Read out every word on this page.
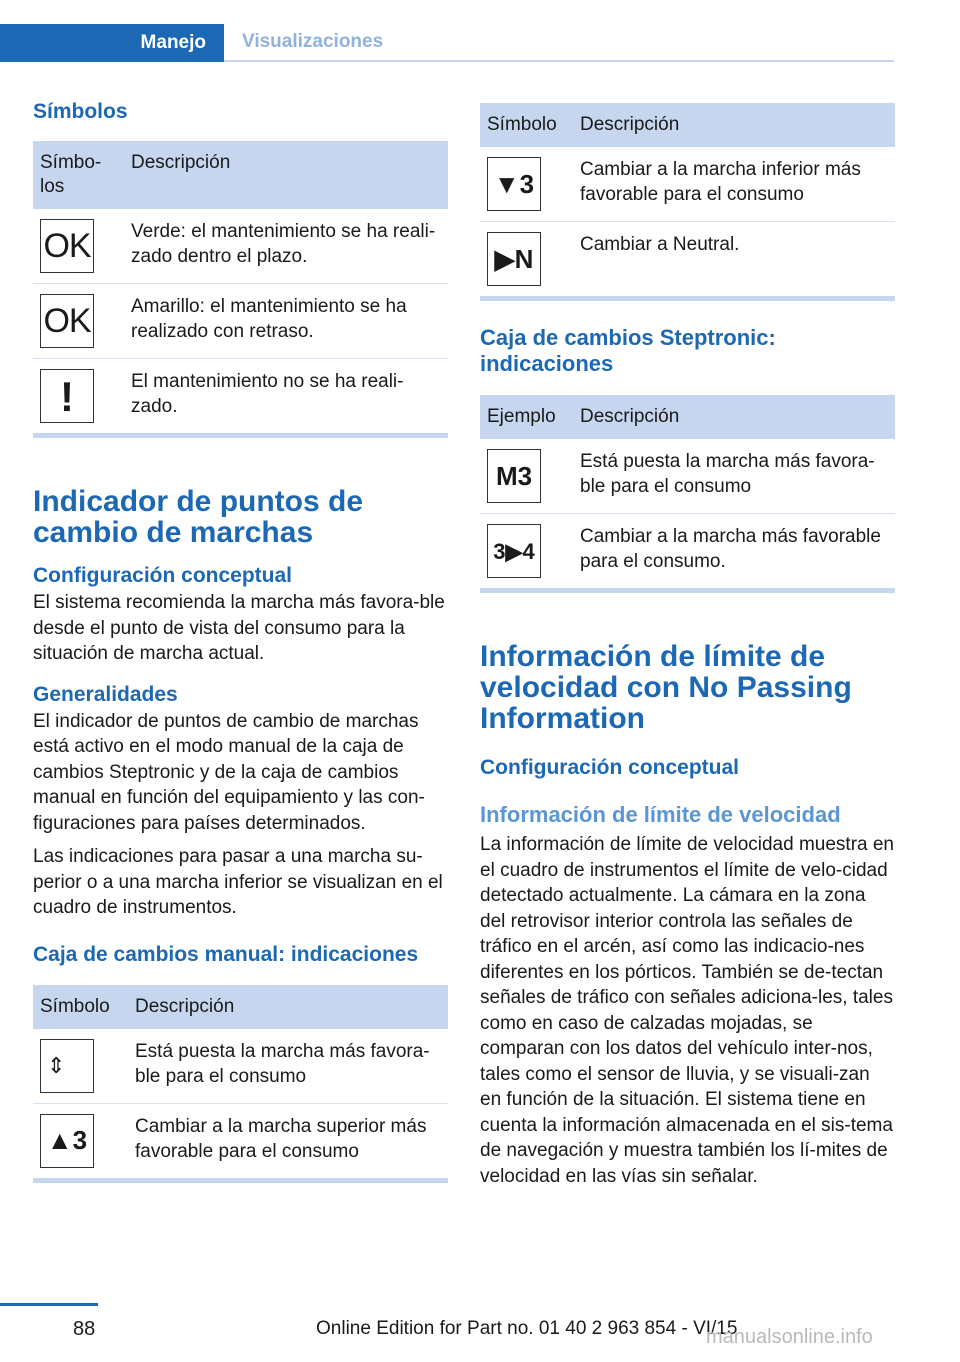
Manejo	Visualizaciones
Símbolos
Símbo-
los	Descripción

OK	Verde: el mantenimiento se ha reali-zado dentro el plazo.

OK	Amarillo: el mantenimiento se ha realizado con retraso.

!	El mantenimiento no se ha reali-zado.
Indicador de puntos de cambio de marchas
Configuración conceptual

El sistema recomienda la marcha más favora-ble desde el punto de vista del consumo para la situación de marcha actual.

Generalidades

El indicador de puntos de cambio de marchas está activo en el modo manual de la caja de cambios Steptronic y de la caja de cambios manual en función del equipamiento y las con-figuraciones para países determinados.

Las indicaciones para pasar a una marcha su-perior o a una marcha inferior se visualizan en el cuadro de instrumentos.

Caja de cambios manual: indicaciones
Símbolo	Descripción

⇕	Está puesta la marcha más favora-ble para el consumo

▲3	Cambiar a la marcha superior más favorable para el consumo
Símbolo	Descripción

▼3	Cambiar a la marcha inferior más favorable para el consumo

▶N	Cambiar a Neutral.
Caja de cambios Steptronic: indicaciones
Ejemplo	Descripción

M3	Está puesta la marcha más favora-ble para el consumo

3▶4	Cambiar a la marcha más favorable para el consumo.
Información de límite de velocidad con No Passing Information
Configuración conceptual
Información de límite de velocidad

La información de límite de velocidad muestra en el cuadro de instrumentos el límite de velo-cidad detectado actualmente. La cámara en la zona del retrovisor interior controla las señales de tráfico en el arcén, así como las indicacio-nes diferentes en los pórticos. También se de-tectan señales de tráfico con señales adiciona-les, tales como en caso de calzadas mojadas, se comparan con los datos del vehículo inter-nos, tales como el sensor de lluvia, y se visuali-zan en función de la situación. El sistema tiene en cuenta la información almacenada en el sis-tema de navegación y muestra también los lí-mites de velocidad en las vías sin señalar.

88	Online Edition for Part no. 01 40 2 963 854 - VI/15
manualsonline.info
